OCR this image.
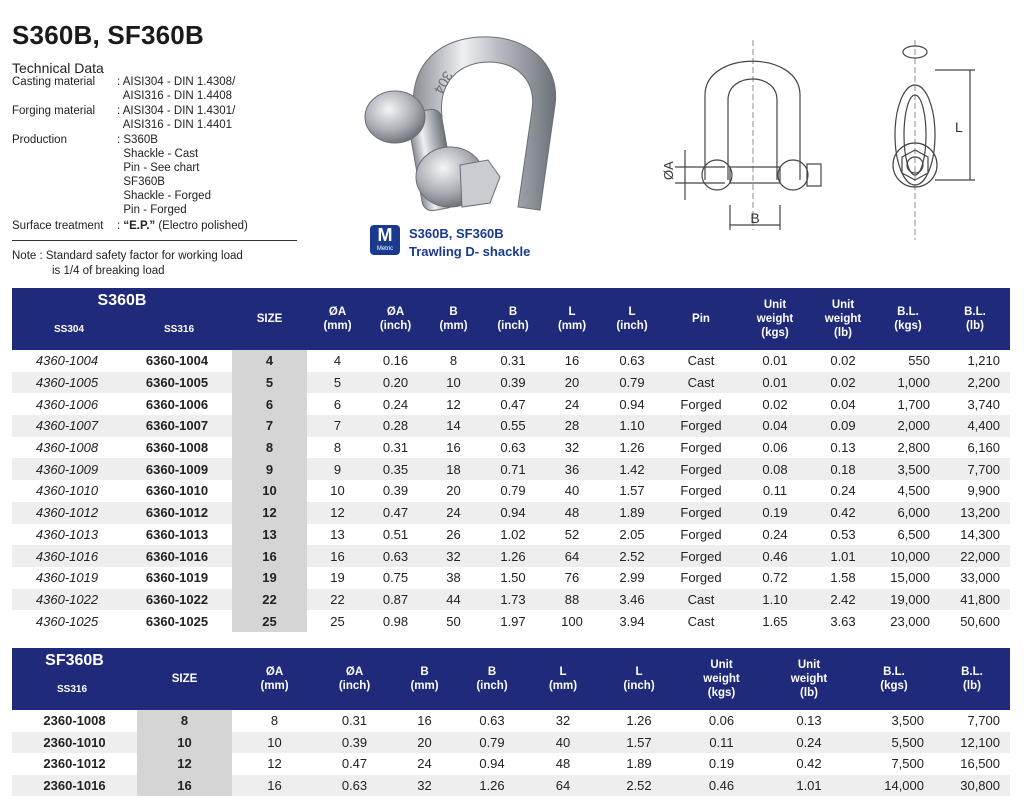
S360B, SF360B
Technical Data
Casting material	: AISI304 - DIN 1.4308/
AISI316 - DIN 1.4408
Forging material	: AISI304 - DIN 1.4301/
AISI316 - DIN 1.4401
Production	: S360B
Shackle - Cast
Pin - See chart
SF360B
Shackle - Forged
Pin - Forged
Surface treatment	: “E.P.” (Electro polished)
Note : Standard safety factor for working load
is 1/4 of breaking load
304
B
ØA
L
M
Metric
S360B, SF360B
Trawling D- shackle
S360B
SS304 SS316		SIZE	ØA
(mm)	ØA
(inch)	B
(mm)	B
(inch)	L
(mm)	L
(inch)	Pin	Unit
weight
(kgs)	Unit
weight
(lb)	B.L.
(kgs)	B.L.
(lb)
4360-1004	6360-1004	4	4	0.16	8	0.31	16	0.63	Cast	0.01	0.02	550	1,210
4360-1005	6360-1005	5	5	0.20	10	0.39	20	0.79	Cast	0.01	0.02	1,000	2,200
4360-1006	6360-1006	6	6	0.24	12	0.47	24	0.94	Forged	0.02	0.04	1,700	3,740
4360-1007	6360-1007	7	7	0.28	14	0.55	28	1.10	Forged	0.04	0.09	2,000	4,400
4360-1008	6360-1008	8	8	0.31	16	0.63	32	1.26	Forged	0.06	0.13	2,800	6,160
4360-1009	6360-1009	9	9	0.35	18	0.71	36	1.42	Forged	0.08	0.18	3,500	7,700
4360-1010	6360-1010	10	10	0.39	20	0.79	40	1.57	Forged	0.11	0.24	4,500	9,900
4360-1012	6360-1012	12	12	0.47	24	0.94	48	1.89	Forged	0.19	0.42	6,000	13,200
4360-1013	6360-1013	13	13	0.51	26	1.02	52	2.05	Forged	0.24	0.53	6,500	14,300
4360-1016	6360-1016	16	16	0.63	32	1.26	64	2.52	Forged	0.46	1.01	10,000	22,000
4360-1019	6360-1019	19	19	0.75	38	1.50	76	2.99	Forged	0.72	1.58	15,000	33,000
4360-1022	6360-1022	22	22	0.87	44	1.73	88	3.46	Cast	1.10	2.42	19,000	41,800
4360-1025	6360-1025	25	25	0.98	50	1.97	100	3.94	Cast	1.65	3.63	23,000	50,600
SF360B
SS316	SIZE	ØA
(mm)	ØA
(inch)	B
(mm)	B
(inch)	L
(mm)	L
(inch)	Unit
weight
(kgs)	Unit
weight
(lb)	B.L.
(kgs)	B.L.
(lb)
2360-1008	8	8	0.31	16	0.63	32	1.26	0.06	0.13	3,500	7,700
2360-1010	10	10	0.39	20	0.79	40	1.57	0.11	0.24	5,500	12,100
2360-1012	12	12	0.47	24	0.94	48	1.89	0.19	0.42	7,500	16,500
2360-1016	16	16	0.63	32	1.26	64	2.52	0.46	1.01	14,000	30,800
